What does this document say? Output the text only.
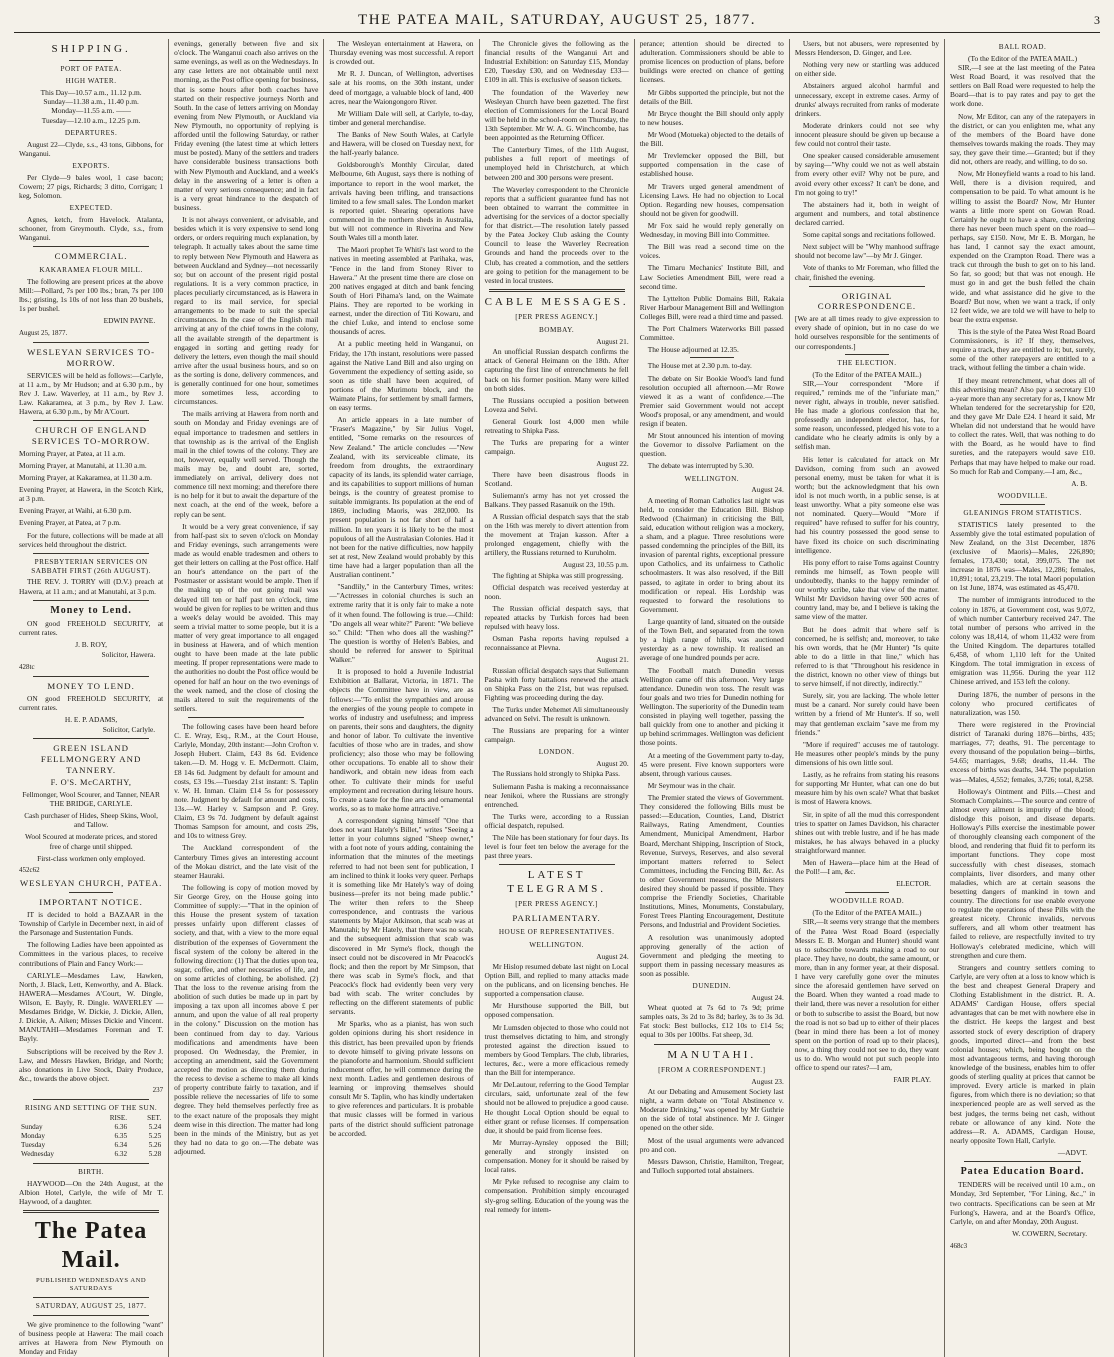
THE PATEA MAIL, SATURDAY, AUGUST 25, 1877.	3
SHIPPING.
PORT OF PATEA.
HIGH WATER.
This Day—10.57 a.m., 11.12 p.m.
Sunday—11.38 a.m., 11.40 p.m.
Monday—11.55 a.m. ——
Tuesday—12.10 a.m., 12.25 p.m.
DEPARTURES.

August 22—Clyde, s.s., 43 tons, Gibbons, for Wanganui.

EXPORTS.

Per Clyde—9 bales wool, 1 case bacon; Cowern; 27 pigs, Richards; 3 ditto, Corrigan; 1 keg, Solomon.

EXPECTED.

Agnes, ketch, from Havelock. Atalanta, schooner, from Greymouth. Clyde, s.s., from Wanganui.

COMMERCIAL.
KAKARAMEA FLOUR MILL.

The following are present prices at the above Mill:—Pollard, 7s per 100 lbs.; bran, 7s per 100 lbs.; gristing, 1s 10s of not less than 20 bushels, 1s per bushel.

EDWIN PAYNE.
August 25, 1877.
WESLEYAN SERVICES TO-MORROW.

SERVICES will be held as follows:—Carlyle, at 11 a.m., by Mr Hudson; and at 6.30 p.m., by Rev J. Law. Waverley, at 11 a.m., by Rev J. Law. Kakaramea, at 3 p.m., by Rev J. Law. Hawera, at 6.30 p.m., by Mr A'Court.

CHURCH OF ENGLAND SERVICES TO-MORROW.

Morning Prayer, at Patea, at 11 a.m.

Morning Prayer, at Manutahi, at 11.30 a.m.

Morning Prayer, at Kakaramea, at 11.30 a.m.

Evening Prayer, at Hawera, in the Scotch Kirk, at 3 p.m.

Evening Prayer, at Waihi, at 6.30 p.m.

Evening Prayer, at Patea, at 7 p.m.

For the future, collections will be made at all services held throughout the district.

PRESBYTERIAN SERVICES ON SABBATH FIRST (26th AUGUST).

THE REV. J. TORRY will (D.V.) preach at Hawera, at 11 a.m.; and at Manutahi, at 3 p.m.

Money to Lend.

ON good FREEHOLD SECURITY, at current rates.

J. B. ROY,
Solicitor, Hawera.
428tc
MONEY TO LEND.

ON good FREEHOLD SECURITY, at current rates.

H. E. P. ADAMS,
Solicitor, Carlyle.
GREEN ISLAND FELLMONGERY AND TANNERY.
F. O'S. McCARTHY,

Fellmonger, Wool Scourer, and Tanner, NEAR THE BRIDGE, CARLYLE.

Cash purchaser of Hides, Sheep Skins, Wool, and Tallow.

Wool Scoured at moderate prices, and stored free of charge until shipped.

First-class workmen only employed.

452c62
WESLEYAN CHURCH, PATEA.
IMPORTANT NOTICE.

IT is decided to hold a BAZAAR in the Township of Carlyle in December next, in aid of the Parsonage and Sustentation Funds.

The following Ladies have been appointed as Committees in the various places, to receive contributions of Plain and Fancy Work:—

CARLYLE—Mesdames Law, Hawken, North, J. Black, Lett, Kenworthy, and A. Black. HAWERA—Mesdames A'Court, W. Dingle, Wilson, E. Bayly, R. Dingle. WAVERLEY — Mesdames Bridge, W. Dickie, J. Dickie, Allen, J. Dickie, A. Aiken; Misses Dickie and Vincent. MANUTAHI—Mesdames Foreman and T. Bayly.

Subscriptions will be received by the Rev J. Law, and Messrs Hawken, Bridge, and North; also donations in Live Stock, Dairy Produce, &c., towards the above object.

237
RISING AND SETTING OF THE SUN.
	RISE.	SET.
Sunday	6.36	5.24
Monday	6.35	5.25
Tuesday	6.34	5.26
Wednesday	6.32	5.28
BIRTH.

HAYWOOD—On the 24th August, at the Albion Hotel, Carlyle, the wife of Mr T. Haywood, of a daughter.

The Patea Mail.
PUBLISHED WEDNESDAYS AND SATURDAYS
SATURDAY, AUGUST 25, 1877.

We give prominence to the following "want" of business people at Hawera: The mail coach arrives at Hawera from New Plymouth on Monday and Friday

evenings, generally between five and six o'clock. The Wanganui coach also arrives on the same evenings, as well as on the Wednesdays. In any case letters are not obtainable until next morning, as the Post office opening for business, that is some hours after both coaches have started on their respective journeys North and South. In the case of letters arriving on Monday evening from New Plymouth, or Auckland via New Plymouth, no opportunity of replying is afforded until the following Saturday, or rather Friday evening (the latest time at which letters must be posted). Many of the settlers and traders have considerable business transactions both with New Plymouth and Auckland, and a week's delay in the answering of a letter is often a matter of very serious consequence; and in fact is a very great hindrance to the despatch of business.

It is not always convenient, or advisable, and besides which it is very expensive to send long orders, or orders requiring much explanation, by telegraph. It actually takes about the same time to reply between New Plymouth and Hawera as between Auckland and Sydney—not necessarily so; but on account of the present rigid postal regulations. It is a very common practice, in places peculiarly circumstanced, as is Hawera in regard to its mail service, for special arrangements to be made to suit the special circumstances. In the case of the English mail arriving at any of the chief towns in the colony, all the available strength of the department is engaged in sorting and getting ready for delivery the letters, even though the mail should arrive after the usual business hours, and so on as the sorting is done, delivery commences, and is generally continued for one hour, sometimes more sometimes less, according to circumstances.

The mails arriving at Hawera from north and south on Monday and Friday evenings are of equal importance to tradesmen and settlers in that township as is the arrival of the English mail in the chief towns of the colony. They are not, however, equally well served. Though the mails may be, and doubt are, sorted, immediately on arrival, delivery does not commence till next morning; and therefore there is no help for it but to await the departure of the next coach, at the end of the week, before a reply can be sent.

It would be a very great convenience, if say from half-past six to seven o'clock on Monday and Friday evenings, such arrangements were made as would enable tradesmen and others to get their letters on calling at the Post office. Half an hour's attendance on the part of the Postmaster or assistant would be ample. Then if the making up of the out going mail was delayed till ten or half past ten o'clock, time would be given for replies to be written and thus a week's delay would be avoided. This may seem a trivial matter to some people, but it is a matter of very great importance to all engaged in business at Hawera, and of which mention ought to have been made at the late public meeting. If proper representations were made to the authorities no doubt the Post office would be opened for half an hour on the two evenings of the week named, and the close of closing the mails altered to suit the requirements of the settlers.

The following cases have been heard before C. E. Wray, Esq., R.M., at the Court House, Carlyle, Monday, 20th instant:—John Crofton v. Joseph Hubert. Claim, £43 8s 6d. Evidence taken.—D. M. Hogg v. E. McDermott. Claim, £8 14s 6d. Judgment by default for amount and costs, £3 19s.—Tuesday 21st instant: S. Taplin v. W. H. Inman. Claim £14 5s for possessory note. Judgment by default for amount and costs, 13s.—W. Harley v. Sampson and P. Grey. Claim, £3 9s 7d. Judgment by default against Thomas Sampson for amount, and costs 29s, and 10s to witness Grey.

The Auckland correspondent of the Canterbury Times gives an interesting account of the Mokau district, and the late visit of the steamer Hauraki.

The following is copy of motion moved by Sir George Grey, on the House going into Committee of supply:—"That in the opinion of this House the present system of taxation presses unfairly upon different classes of society, and that, with a view to the more equal distribution of the expenses of Government the fiscal system of the colony be altered in the following direction: (1) That the duties upon tea, sugar, coffee, and other necessaries of life, and on some articles of clothing, be abolished. (2) That the loss to the revenue arising from the abolition of such duties be made up in part by imposing a tax upon all incomes above £ per annum, and upon the value of all real property in the colony." Discussion on the motion has been continued from day to day. Various modifications and amendments have been proposed. On Wednesday, the Premier, in accepting an amendment, said the Government accepted the motion as directing them during the recess to devise a scheme to make all kinds of property contribute fairly to taxation, and if possible relieve the necessaries of life to some degree. They held themselves perfectly free as to the exact nature of the proposals they might deem wise in this direction. The matter had long been in the minds of the Ministry, but as yet they had no data to go on.—The debate was adjourned.

The Wesleyan entertainment at Hawera, on Thursday evening was most successful. A report is crowded out.

Mr R. J. Duncan, of Wellington, advertises sale at his rooms, on the 30th instant, under deed of mortgage, a valuable block of land, 400 acres, near the Waiongongoro River.

Mr William Dale will sell, at Carlyle, to-day, timber and general merchandise.

The Banks of New South Wales, at Carlyle and Hawera, will be closed on Tuesday next, for the half-yearly balance.

Goldsborough's Monthly Circular, dated Melbourne, 6th August, says there is nothing of importance to report in the wool market, the arrivals having been trifling, and transactions limited to a few small sales. The London market is reported quiet. Shearing operations have commenced in the northern sheds in Australia, but will not commence in Riverina and New South Wales till a month later.

The Maori prophet Te Whiti's last word to the natives in meeting assembled at Parihaka, was, "Fence in the land from Stoney River to Hawera." At the present time there are close on 200 natives engaged at ditch and bank fencing South of Hori Pihama's land, on the Waimate Plains. They are reported to be working in earnest, under the direction of Titi Kowaru, and the chief Luke, and intend to enclose some thousands of acres.

At a public meeting held in Wanganui, on Friday, the 17th instant, resolutions were passed against the Native Land Bill and also urging on Government the expediency of setting aside, so soon as title shall have been acquired, of portions of the Murimotu block, and the Waimate Plains, for settlement by small farmers, on easy terms.

An article appears in a late number of "Fraser's Magazine," by Sir Julius Vogel, entitled, "Some remarks on the resources of New Zealand." The article concludes —"New Zealand, with its serviceable climate, its freedom from droughts, the extraordinary capacity of its lands, its splendid water carriage, and its capabilities to support millions of human beings, is the country of greatest promise to suitable immigrants. Its population at the end of 1869, including Maoris, was 282,000. Its present population is not far short of half a million. In ten years it is likely to be the most populous of all the Australasian Colonies. Had it not been for the native difficulties, now happily set at rest, New Zealand would probably by this time have had a larger population than all the Australian continent."

"Sandlily," in the Canterbury Times, writes:—"Actresses in colonial churches is such an extreme rarity that it is only fair to make a note of it when found. The following is true.—Child: "Do angels all wear white?" Parent: "We believe so." Child: "Then who does all the washing?" The question is worthy of Helen's Babies, and should be referred for answer to Spiritual Walker."

It is proposed to hold a Juvenile Industrial Exhibition at Ballarat, Victoria, in 1871. The objects the Committee have in view, are as follows:—"To enlist the sympathies and arouse the energies of the young people to compete in works of industry and usefulness; and impress on parents, their sons and daughters, the dignity and honor of labor. To cultivate the inventive faculties of those who are in trades, and show proficiency; also those who may be following other occupations. To enable all to show their handiwork, and obtain new ideas from each other. To cultivate their minds for useful employment and recreation during leisure hours. To create a taste for the fine arts and ornamental works, so as to make home attractive."

A correspondent signing himself "One that does not want Hately's Billet," writes "Seeing a letter in your columns signed "Sheep owner," with a foot note of yours adding, containing the information that the minutes of the meetings referred to had not been sent for publication, I am inclined to think it looks very queer. Perhaps it is something like Mr Hately's way of doing business—prefer its not being made public." The writer then refers to the Sheep correspondence, and contrasts the various statements by Major Atkinson, that scab was at Manutahi; by Mr Hately, that there was no scab, and the subsequent admission that scab was discovered in Mr Syme's flock, though the insect could not be discovered in Mr Peacock's flock; and then the report by Mr Simpson, that there was scab in Syme's flock, and that Peacock's flock had evidently been very very bad with scab. The writer concludes by reflecting on the different statements of public servants.

Mr Sparks, who as a pianist, has won such golden opinions during his short residence in this district, has been prevailed upon by friends to devote himself to giving private lessons on the pianoforte and harmonium. Should sufficient inducement offer, he will commence during the next month. Ladies and gentlemen desirous of learning or improving themselves should consult Mr S. Taplin, who has kindly undertaken to give references and particulars. It is probable that music classes will be formed in various parts of the district should sufficient patronage be accorded.

The Chronicle gives the following as the financial results of the Wanganui Art and Industrial Exhibition: on Saturday £15, Monday £20, Tuesday £30, and on Wednesday £33—£109 in all. This is exclusive of season tickets.

The foundation of the Waverley new Wesleyan Church have been gazetted. The first election of Commissioners for the Local Board will be held in the school-room on Thursday, the 13th September. Mr W. A. G. Winchcombe, has been appointed as the Returning Officer.

The Canterbury Times, of the 11th August, publishes a full report of meetings of unemployed held in Christchurch, at which between 200 and 300 persons were present.

The Waverley correspondent to the Chronicle reports that a sufficient guarantee fund has not been obtained to warrant the committee in advertising for the services of a doctor specially for that district.—The resolution lately passed by the Patea Jockey Club asking the County Council to lease the Waverley Recreation Grounds and hand the proceeds over to the Club, has created a commotion, and the settlers are going to petition for the management to be vested in local trustees.

CABLE MESSAGES.
[PER PRESS AGENCY.]
BOMBAY.
August 21.

An unofficial Russian despatch confirms the attack of General Heimann on the 18th. After capturing the first line of entrenchments he fell back on his former position. Many were killed on both sides.

The Russians occupied a position between Loveza and Selvi.

General Gourk lost 4,000 men while retreating to Shipka Pass.

The Turks are preparing for a winter campaign.

August 22.

There have been disastrous floods in Scotland.

Suliemann's army has not yet crossed the Balkans. They passed Rasanuik on the 19th.

A Russian official despatch says that the stab on the 16th was merely to divert attention from the movement at Trajan kasson. After a prolonged engagement, chiefly with the artillery, the Russians returned to Kuruholm.

August 23, 10.55 p.m.

The fighting at Shipka was still progressing.

Official despatch was received yesterday at noon.

The Russian official despatch says, that repeated attacks by Turkish forces had been repulsed with heavy loss.

Osman Pasha reports having repulsed a reconnaissance at Plevna.

August 21.

Russian official despatch says that Suliemann Pasha with forty battalions renewed the attack on Shipka Pass on the 21st, but was repulsed. Fighting was proceeding during the day.

The Turks under Mehemet Ali simultaneously advanced on Selvi. The result is unknown.

The Russians are preparing for a winter campaign.

LONDON.
August 20.

The Russians hold strongly to Shipka Pass.

Suliemann Pasha is making a reconnaissance near Jenikoi, where the Russians are strongly entrenched.

The Turks were, according to a Russian official despatch, repulsed.

The Nile has been stationary for four days. Its level is four feet ten below the average for the past three years.

LATEST TELEGRAMS.
[PER PRESS AGENCY.]
PARLIAMENTARY.
HOUSE OF REPRESENTATIVES.
WELLINGTON.
August 24.

Mr Hislop resumed debate last night on Local Option Bill, and replied to many attacks made on the publicans, and on licensing benches. He supported a compensation clause.

Mr Hursthouse supported the Bill, but opposed compensation.

Mr Lumsden objected to those who could not trust themselves dictating to him, and strongly protested against the direction issued to members by Good Templars. The club, libraries, lectures, &c., were a more efficacious remedy than the Bill for intemperance.

Mr DeLautour, referring to the Good Templar circulars, said, unfortunate zeal of the few should not be allowed to prejudice a good cause. He thought Local Option should be equal to either grant or refuse licenses. If compensation due, it should be paid from license fees.

Mr Murray-Aynsley opposed the Bill; generally and strongly insisted on compensation. Money for it should be raised by local rates.

Mr Pyke refused to recognise any claim to compensation. Prohibition simply encouraged sly-grog selling. Education of the young was the real remedy for intem-

perance; attention should be directed to adulteration. Commissioners should be able to promise licences on production of plans, before buildings were erected on chance of getting licenses.

Mr Gibbs supported the principle, but not the details of the Bill.

Mr Bryce thought the Bill should only apply to new houses.

Mr Wood (Motueka) objected to the details of the Bill.

Mr Trevlemcker opposed the Bill, but supported compensation in the case of established house.

Mr Travers urged general amendment of Licensing Laws. He had no objection to Local Option. Regarding new houses, compensation should not be given for goodwill.

Mr Fox said he would reply generally on Wednesday, in moving Bill into Committee.

The Bill was read a second time on the voices.

The Timaru Mechanics' Institute Bill, and Law Societies Amendment Bill, were read a second time.

The Lyttelton Public Domains Bill, Rakaia River Harbour Management Bill and Wellington Colleges Bill, were read a third time and passed.

The Port Chalmers Waterworks Bill passed Committee.

The House adjourned at 12.35.

The House met at 2.30 p.m. to-day.

The debate on Sir Bookie Wood's land fund resolution occupied all afternoon.—Mr Rowe viewed it as a want of confidence.—The Premier said Government would not accept Wood's proposal, or any amendment, and would resign if beaten.

Mr Stout announced his intention of moving the Governor to dissolve Parliament on the question.

The debate was interrupted by 5.30.

WELLINGTON.
August 24.

A meeting of Roman Catholics last night was held, to consider the Education Bill. Bishop Redwood (Chairman) in criticising the Bill, said, education without religion was a mockery, a sham, and a plague. Three resolutions were passed condemning the principles of the Bill, its invasion of parental rights, exceptional pressure upon Catholics, and its unfairness to Catholic schoolmasters. It was also resolved, if the Bill passed, to agitate in order to bring about its modification or repeal. His Lordship was requested to forward the resolutions to Government.

Large quantity of land, situated on the outside of the Town Belt, and separated from the town by a high range of hills, was auctioned yesterday as a new township. It realised an average of one hundred pounds per acre.

The Football match Dunedin versus Wellington came off this afternoon. Very large attendance. Dunedin won toss. The result was four goals and two tries for Dunedin nothing for Wellington. The superiority of the Dunedin team consisted in playing well together, passing the ball quickly from one to another and picking it up behind scrimmages. Wellington was deficient those points.

At a meeting of the Government party to-day, 45 were present. Five known supporters were absent, through various causes.

Mr Seymour was in the chair.

The Premier stated the views of Government. They considered the following Bills must be passed:—Education, Counties, Land, District Railways, Rating Amendment, Counties Amendment, Municipal Amendment, Harbor Board, Merchant Shipping, Inscription of Stock, Revenue, Surveys, Reserves, and also several important matters referred to Select Committees, including the Fencing Bill, &c. As to other Government measures, the Ministers desired they should be passed if possible. They comprise the Friendly Societies, Charitable Institutions, Mines, Monuments, Constabulary, Forest Trees Planting Encouragement, Destitute Persons, and Industrial and Provident Societies.

A resolution was unanimously adopted approving generally of the action of Government and pledging the meeting to support them in passing necessary measures as soon as possible.

DUNEDIN.
August 24.

Wheat quoted at 7s 6d to 7s 9d; prime samples oats, 3s 2d to 3s 8d; barley, 3s to 3s 3d. Fat stock: Best bullocks, £12 10s to £14 5s; equal to 30s per 100lbs. Fat sheep, 3d.

MANUTAHI.
[FROM A CORRESPONDENT.]
August 23.

At our Debating and Amusement Society last night, a warm debate on "Total Abstinence v. Moderate Drinking," was opened by Mr Guthrie on the side of total abstinence. Mr J. Ginger opened on the other side.

Most of the usual arguments were advanced pro and con.

Messrs Dawson, Christie, Hamilton, Tregear, and Tulloch supported total abstainers.

Users, but not abusers, were represented by Messrs Henderson, D. Ginger, and Lee.

Nothing very new or startling was adduced on either side.

Abstainers argued alcohol harmful and unnecessary, except in extreme cases. Army of drunks' always recruited from ranks of moderate drinkers.

Moderate drinkers could not see why innocent pleasure should be given up because a few could not control their taste.

One speaker caused considerable amusement by saying—"Why could we not as well abstain from every other evil? Why not be pure, and avoid every other excess? It can't be done, and I'm not going to try!"

The abstainers had it, both in weight of argument and numbers, and total abstinence declared carried.

Some capital songs and recitations followed.

Next subject will be "Why manhood suffrage should not become law"—by Mr J. Ginger.

Vote of thanks to Mr Foreman, who filled the chair, finished the evening.

ORIGINAL CORRESPONDENCE.

[We are at all times ready to give expression to every shade of opinion, but in no case do we hold ourselves responsible for the sentiments of our correspondents.]

THE ELECTION.
(To the Editor of the PATEA MAIL.)

SIR,—Your correspondent "More if required," reminds me of the "infuriate man," never right, always in trouble, never satisfied. He has made a glorious confession that he, professedly an independent elector, has, for some reason, unconfessed, pledged his vote to a candidate who he clearly admits is only by a selfish man.

His letter is calculated for attack on Mr Davidson, coming from such an avowed personal enemy, must be taken for what it is worth; but the acknowledgment that his own idol is not much worth, in a public sense, is at least unworthy. What a pity someone else was not nominated. Query—Would "More if required" have refused to suffer for his country, had his country possessed the good sense to have fixed its choice on such discriminating intelligence.

His pony effort to raise Toms against Country reminds me himself, as Town people will undoubtedly, thanks to the happy reminder of our worthy scribe, take that view of the matter. Whilst Mr Davidson having over 500 acres of country land, may be, and I believe is taking the same view of the matter.

But he does admit that where self is concerned, he is selfish; and, moreover, to take his own words, that he (Mr Hunter) "Is quite able to do a little in that line," which has referred to is that "Throughout his residence in the district, known no other view of things but to serve himself, if not directly, indirectly."

Surely, sir, you are lacking. The whole letter must be a canard. Nor surely could have been written by a friend of Mr Hunter's. If so, well may that gentleman exclaim "save me from my friends."

"More if required" accuses me of tautology. He measures other people's minds by the puny dimensions of his own little soul.

Lastly, as he refrains from stating his reasons for supporting Mr Hunter, what can one do but measure him by his own scale? What that basket is most of Hawera knows.

Sir, in spite of all the mud this correspondent tries to spatter on James Davidson, his character shines out with treble lustre, and if he has made mistakes, he has always behaved in a plucky straightforward manner.

Men of Hawera—place him at the Head of the Poll!—I am, &c.

ELECTOR.
WOODVILLE ROAD.
(To the Editor of the PATEA MAIL.)

SIR,—It seems very strange that the members of the Patea West Road Board (especially Messrs E. B. Morgan and Hunter) should want us to subscribe towards making a road to our place. They have, no doubt, the same amount, or more, than in any former year, at their disposal. I have very carefully gone over the minutes since the aforesaid gentlemen have served on the Board. When they wanted a road made to their land, there was never a resolution for either or both to subscribe to assist the Board, but now the road is not so bad up to either of their places (bear in mind there has been a lot of money spent on the portion of road up to their places), now, a thing they could not see to do, they want us to do. Who would not put such people into office to spend our rates?—I am,

FAIR PLAY.
BALL ROAD.
(To the Editor of the PATEA MAIL.)

SIR,—I see at the last meeting of the Patea West Road Board, it was resolved that the settlers on Ball Road were requested to help the Board—that is to pay rates and pay to get the work done.

Now, Mr Editor, can any of the ratepayers in the district, or can you enlighten me, what any of the members of the Board have done themselves towards making the roads. They may say, they gave their time.—Granted; but if they did not, others are ready, and willing, to do so.

Now, Mr Honeyfield wants a road to his land. Well, there is a division required, and compensation to be paid. To what amount is he willing to assist the Board? Now, Mr Hunter wants a little more spent on Gowan Road. Certainly he ought to have a share, considering there has never been much spent on the road—perhaps, say £150. Now, Mr E. B. Morgan, he has land, I cannot say the exact amount, expended on the Crampton Road. There was a track cut through the bush to get on to his land. So far, so good; but that was not enough. He must go in and get the bush felled the chain wide, and what assistance did he give to the Board? But now, when we want a track, if only 12 feet wide, we are told we will have to help to bear the extra expense.

This is the style of the Patea West Road Board Commissioners, is it? If they, themselves, require a track, they are entitled to it; but, surely, some of the other ratepayers are entitled to a track, without felling the timber a chain wide.

If they meant retrenchment, what does all of this advertising mean? Also pay a secretary £10 a-year more than any secretary for as, I know Mr Whelan tendered for the secretaryship for £20, and they gave Mr Dale £24. I heard it said, Mr Whelan did not understand that he would have to collect the rates. Well, that was nothing to do with the Board, as he would have to find sureties, and the ratepayers would save £10. Perhaps that may have helped to make our road. So much for Rab and Company.—I am, &c.,

A. B.
WOODVILLE.
GLEANINGS FROM STATISTICS.

STATISTICS lately presented to the Assembly give the total estimated population of New Zealand, on the 31st December, 1876 (exclusive of Maoris)—Males, 226,890; females, 173,430; total, 399,075. The net increase in 1876 was—Males, 12,286; females, 10,891; total, 23,219. The total Maori population on 1st June, 1874, was estimated as 45,470.

The number of immigrants introduced to the colony in 1876, at Government cost, was 9,072, of which number Canterbury received 247. The total number of persons who arrived in the colony was 18,414, of whom 11,432 were from the United Kingdom. The departures totalled 6,458, of whom 1,110 left for the United Kingdom. The total immigration in excess of emigration was 11,956. During the year 112 Chinese arrived, and 153 left the colony.

During 1876, the number of persons in the colony who procured certificates of naturalization, was 150.

There were registered in the Provincial district of Taranaki during 1876—births, 435; marriages, 77; deaths, 91. The percentage to every thousand of the population being—births, 54.65; marriages, 9.68; deaths, 11.44. The excess of births was deaths, 344. The population was—Males, 4,552; females, 3,726; total, 8,258.

Holloway's Ointment and Pills.—Chest and Stomach Complaints.—The source and centre of almost every ailment is impurity of the blood; dislodge this poison, and disease departs. Holloway's Pills exercise the inestimable power of thoroughly cleansing each component of the blood, and rendering that fluid fit to perform its important functions. They cope most successfully with chest diseases, stomach complaints, liver disorders, and many other maladies, which are at certain seasons the besetting dangers of mankind in town and country. The directions for use enable everyone to regulate the operations of these Pills with the greatest nicety. Chronic invalids, nervous sufferers, and all whom other treatment has failed to relieve, are respectfully invited to try Holloway's celebrated medicine, which will strengthen and cure them.

Strangers and country settlers coming to Carlyle, are very often at a loss to know which is the best and cheapest General Drapery and Clothing Establishment in the district. R. A. ADAMS' Cardigan House, offers special advantages that can be met with nowhere else in the district. He keeps the largest and best assorted stock of every description of drapery goods, imported direct—and from the best colonial houses; which, being bought on the most advantageous terms, and having thorough knowledge of the business, enables him to offer goods of sterling quality at prices that cannot be improved. Every article is marked in plain figures, from which there is no deviation; so that inexperienced people are as well served as the best judges, the terms being net cash, without rebate or allowance of any kind. Note the address—R. A. ADAMS, Cardigan House, nearly opposite Town Hall, Carlyle.

—ADVT.
Patea Education Board.

TENDERS will be received until 10 a.m., on Monday, 3rd September, "For Lining, &c.," in two contracts. Specifications can be seen at Mr Furlong's, Hawera, and at the Board's Office, Carlyle, on and after Monday, 20th August.

W. COWERN, Secretary.
468c3
